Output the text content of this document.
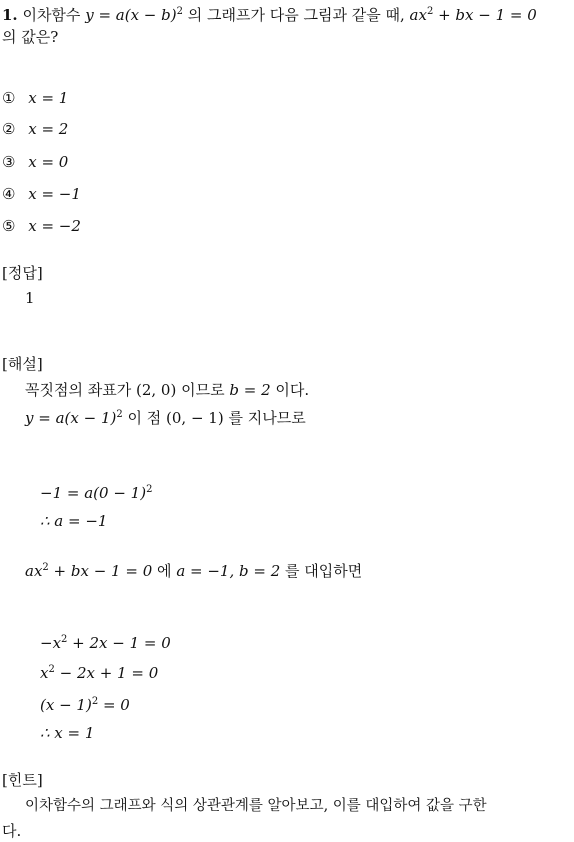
1. 이차함수 $y = a(x - b)^2$ 의 그래프가 다음 그림과 같을 때, $ax^2$ + bx − 1 = 0
의 값은?
① x = 1
② x = 2
③ x = 0
④ x = −1
⑤ x = −2
[정답]
1
[해설]
꼭짓점의 좌표가 (2, 0) 이므로 b = 2 이다.
$y = a(x - 1)^2$ 이 점 (0, − 1) 를 지나므로
$-1 = a(0 - 1)^2$
∴ a = −1
$ax^2$ + bx − 1 = 0 에 a = −1, b = 2 를 대입하면
$-x^2 + 2x - 1 = 0$
$x^2 - 2x + 1 = 0$
$(x - 1)^2 = 0$
∴ x = 1
[힌트]
이차함수의 그래프와 식의 상관관계를 알아보고, 이를 대입하여 값을 구한
다.
